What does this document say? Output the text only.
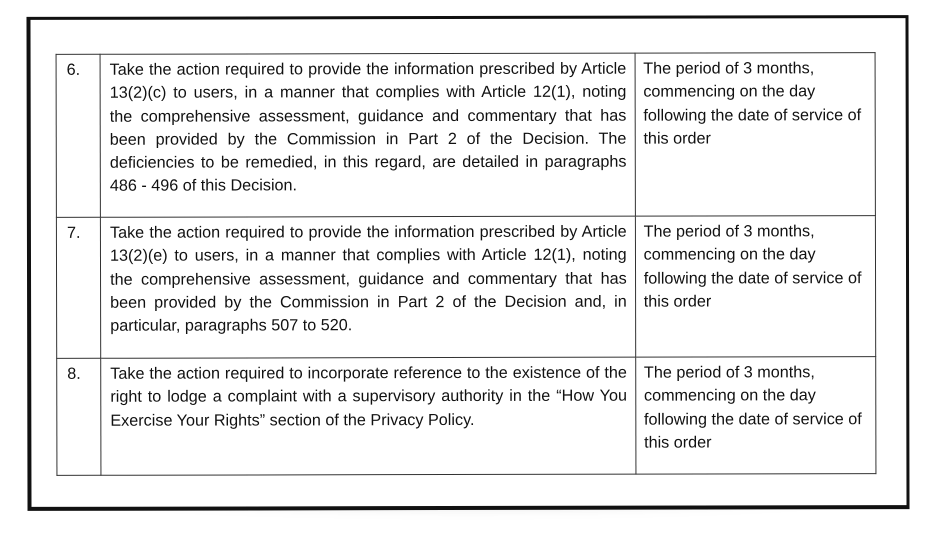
6.	Take the action required to provide the information prescribed by Article 13(2)(c) to users, in a manner that complies with Article 12(1), noting the comprehensive assessment, guidance and commentary that has been provided by the Commission in Part 2 of the Decision. The deficiencies to be remedied, in this regard, are detailed in paragraphs 486 - 496 of this Decision.	The period of 3 months, commencing on the day following the date of service of this order
7.	Take the action required to provide the information prescribed by Article 13(2)(e) to users, in a manner that complies with Article 12(1), noting the comprehensive assessment, guidance and commentary that has been provided by the Commission in Part 2 of the Decision and, in particular, paragraphs 507 to 520.	The period of 3 months, commencing on the day following the date of service of this order
8.	Take the action required to incorporate reference to the existence of the right to lodge a complaint with a supervisory authority in the “How You Exercise Your Rights” section of the Privacy Policy.	The period of 3 months, commencing on the day following the date of service of this order
